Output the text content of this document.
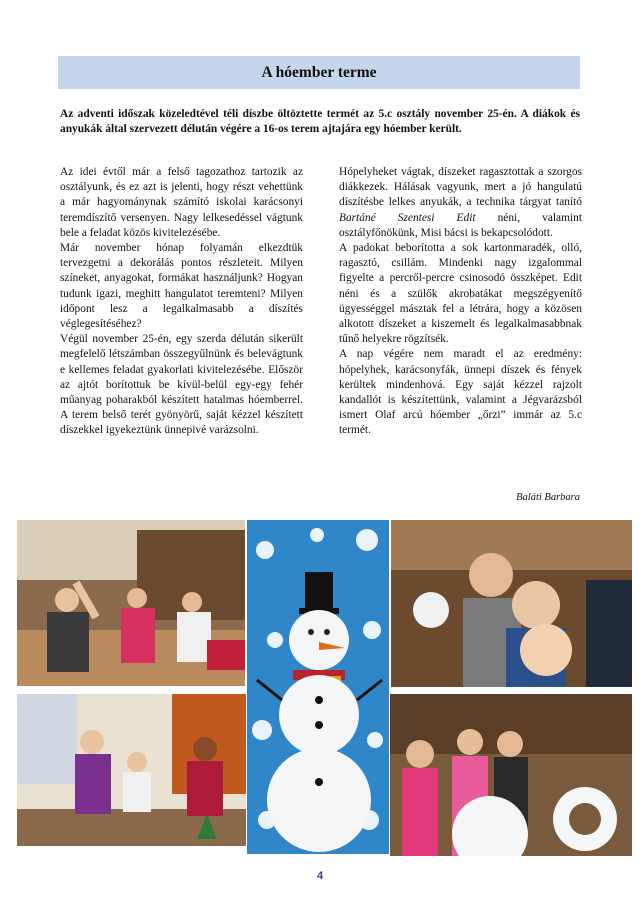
A hóember terme

Az adventi időszak közeledtével téli díszbe öltöztette termét az 5.c osztály november 25-én. A diákok és anyukák által szervezett délután végére a 16-os terem ajtajára egy hóember került.

Az idei évtől már a felső tagozathoz tartozik az osztályunk, és ez azt is jelenti, hogy részt vehettünk a már hagyománynak számító iskolai karácsonyi teremdíszítő versenyen. Nagy lelkesedéssel vágtunk bele a feladat közös kivitelezésébe.

Már november hónap folyamán elkezdtük tervezgetni a dekorálás pontos részleteit. Milyen színeket, anyagokat, formákat használjunk? Hogyan tudunk igazi, meghitt hangulatot teremteni? Milyen időpont lesz a legalkalmasabb a díszítés véglegesítéséhez?

Végül november 25-én, egy szerda délután sikerült megfelelő létszámban összegyűlnünk és belevágtunk e kellemes feladat gyakorlati kivitelezésébe. Először az ajtót borítottuk be kívül-belül egy-egy fehér műanyag poharakból készített hatalmas hóemberrel. A terem belső terét gyönyörű, saját kézzel készített díszekkel igyekeztünk ünnepivé varázsolni.

Hópelyheket vágtak, díszeket ragasztottak a szorgos diákkezek. Hálásak vagyunk, mert a jó hangulatú díszítésbe lelkes anyukák, a technika tárgyat tanító Bartáné Szentesi Edit néni, valamint osztályfőnökünk, Misi bácsi is bekapcsolódott.

A padokat beborította a sok kartonmaradék, olló, ragasztó, csillám. Mindenki nagy izgalommal figyelte a percről-percre csinosodó összképet. Edit néni és a szülők akrobatákat megszégyenítő ügyességgel másztak fel a létrára, hogy a közösen alkotott díszeket a kiszemelt és legalkalmasabbnak tűnő helyekre rögzítsék.

A nap végére nem maradt el az eredmény: hópelyhek, karácsonyfák, ünnepi díszek és fények kerültek mindenhová. Egy saját kézzel rajzolt kandallót is készítettünk, valamint a Jégvarázsból ismert Olaf arcú hóember „őrzi” immár az 5.c termét.

Baláti Barbara

4
